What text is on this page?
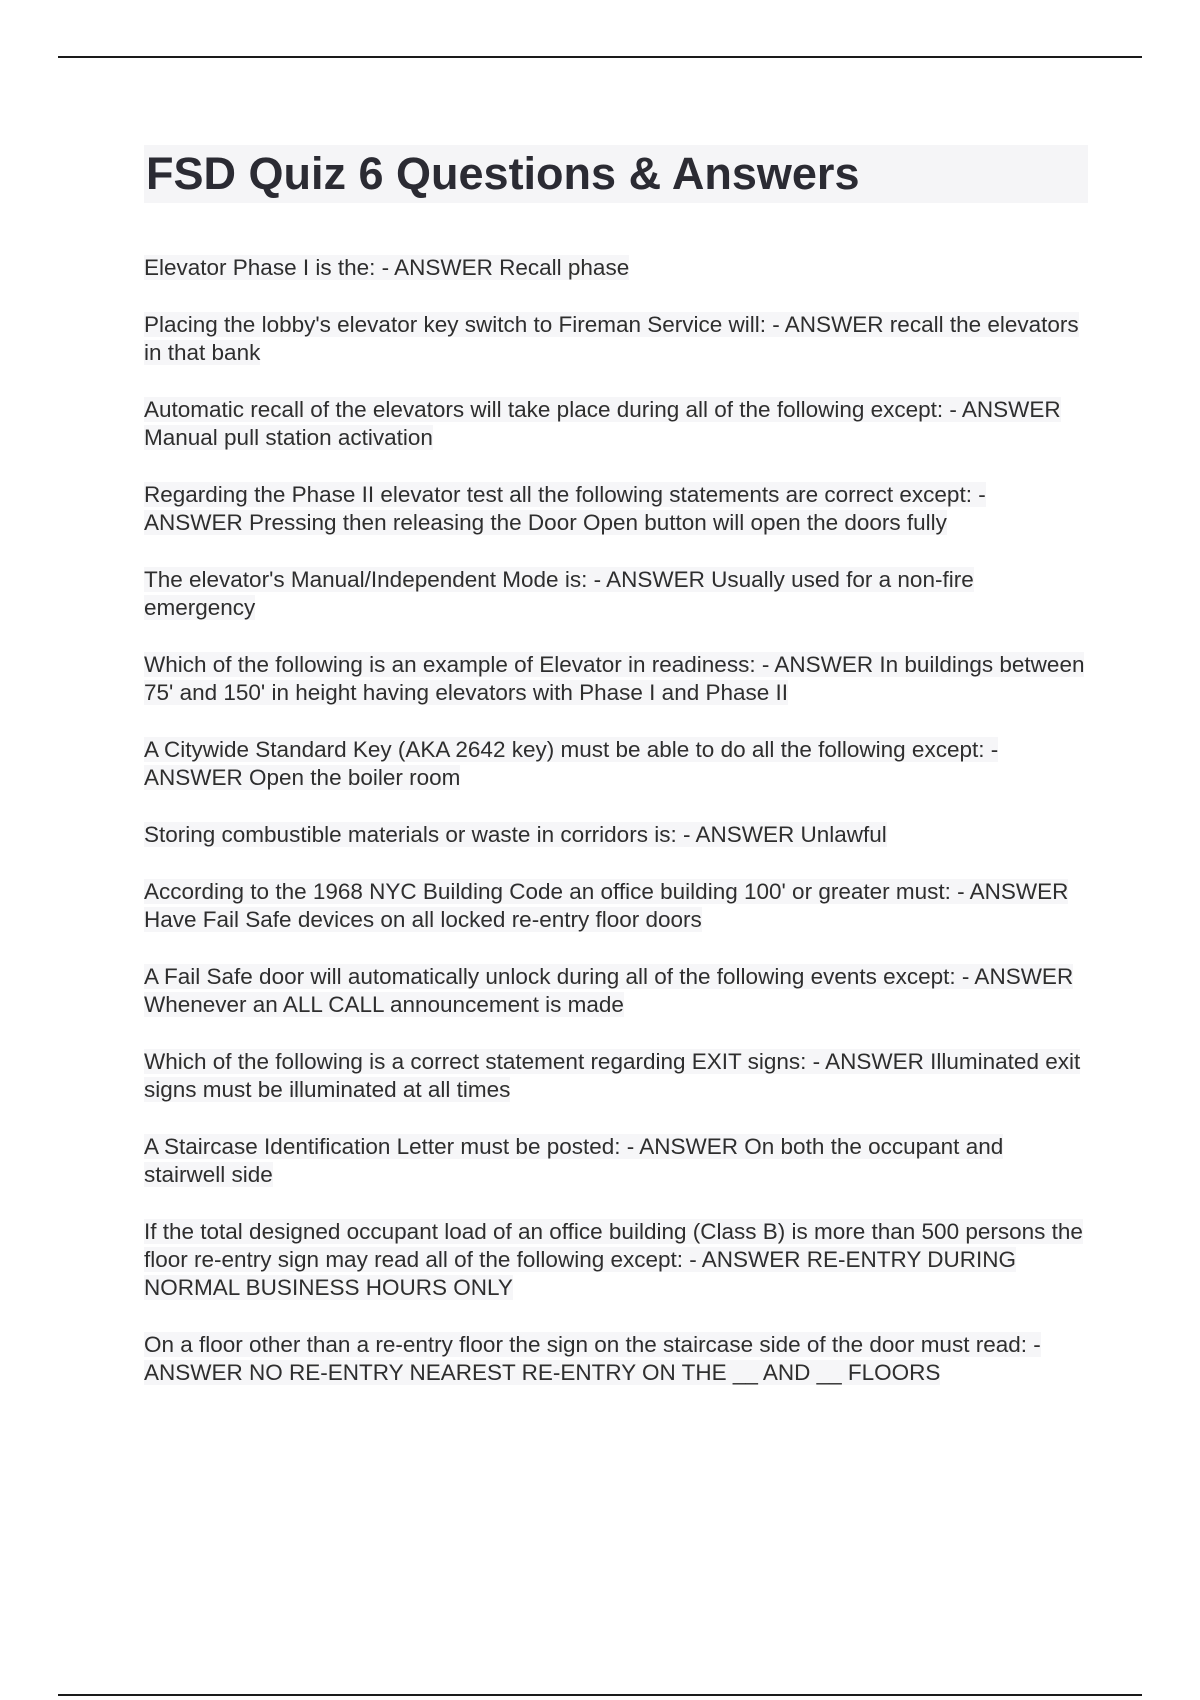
FSD Quiz 6 Questions & Answers

Elevator Phase I is the: - ANSWER Recall phase

Placing the lobby's elevator key switch to Fireman Service will: - ANSWER recall the elevators in that bank

Automatic recall of the elevators will take place during all of the following except: - ANSWER Manual pull station activation

Regarding the Phase II elevator test all the following statements are correct except: - ANSWER Pressing then releasing the Door Open button will open the doors fully

The elevator's Manual/Independent Mode is: - ANSWER Usually used for a non-fire emergency

Which of the following is an example of Elevator in readiness: - ANSWER In buildings between 75' and 150' in height having elevators with Phase I and Phase II

A Citywide Standard Key (AKA 2642 key) must be able to do all the following except: - ANSWER Open the boiler room

Storing combustible materials or waste in corridors is: - ANSWER Unlawful

According to the 1968 NYC Building Code an office building 100' or greater must: - ANSWER Have Fail Safe devices on all locked re-entry floor doors

A Fail Safe door will automatically unlock during all of the following events except: - ANSWER Whenever an ALL CALL announcement is made

Which of the following is a correct statement regarding EXIT signs: - ANSWER Illuminated exit signs must be illuminated at all times

A Staircase Identification Letter must be posted: - ANSWER On both the occupant and stairwell side

If the total designed occupant load of an office building (Class B) is more than 500 persons the floor re-entry sign may read all of the following except: - ANSWER RE-ENTRY DURING NORMAL BUSINESS HOURS ONLY

On a floor other than a re-entry floor the sign on the staircase side of the door must read: - ANSWER NO RE-ENTRY NEAREST RE-ENTRY ON THE __ AND __ FLOORS
